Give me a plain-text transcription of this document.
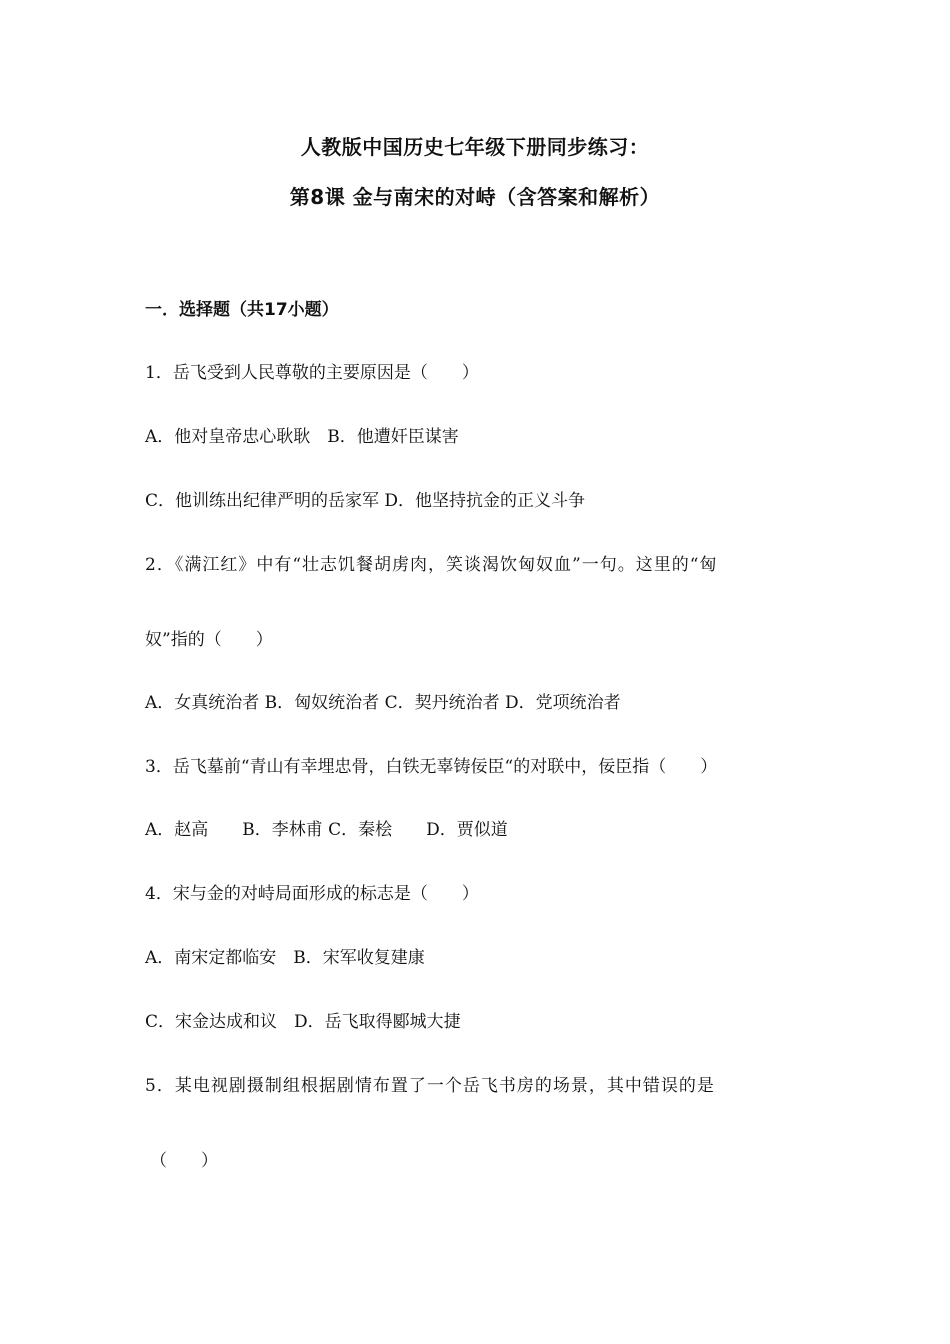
人教版中国历史七年级下册同步练习：
第8课 金与南宋的对峙（含答案和解析）
一．选择题（共17小题）
1．岳飞受到人民尊敬的主要原因是（　　）
A．他对皇帝忠心耿耿　B．他遭奸臣谋害
C．他训练出纪律严明的岳家军 D．他坚持抗金的正义斗争
2．《满江红》中有“壮志饥餐胡虏肉，笑谈渴饮匈奴血”一句。这里的“匈
奴”指的（　　）
A．女真统治者 B．匈奴统治者 C．契丹统治者 D．党项统治者
3．岳飞墓前“青山有幸埋忠骨，白铁无辜铸佞臣“的对联中，佞臣指（　　）
A．赵高　　B．李林甫 C．秦桧　　D．贾似道
4．宋与金的对峙局面形成的标志是（　　）
A．南宋定都临安　B．宋军收复建康
C．宋金达成和议　D．岳飞取得郾城大捷
5．某电视剧摄制组根据剧情布置了一个岳飞书房的场景，其中错误的是
（　　）
